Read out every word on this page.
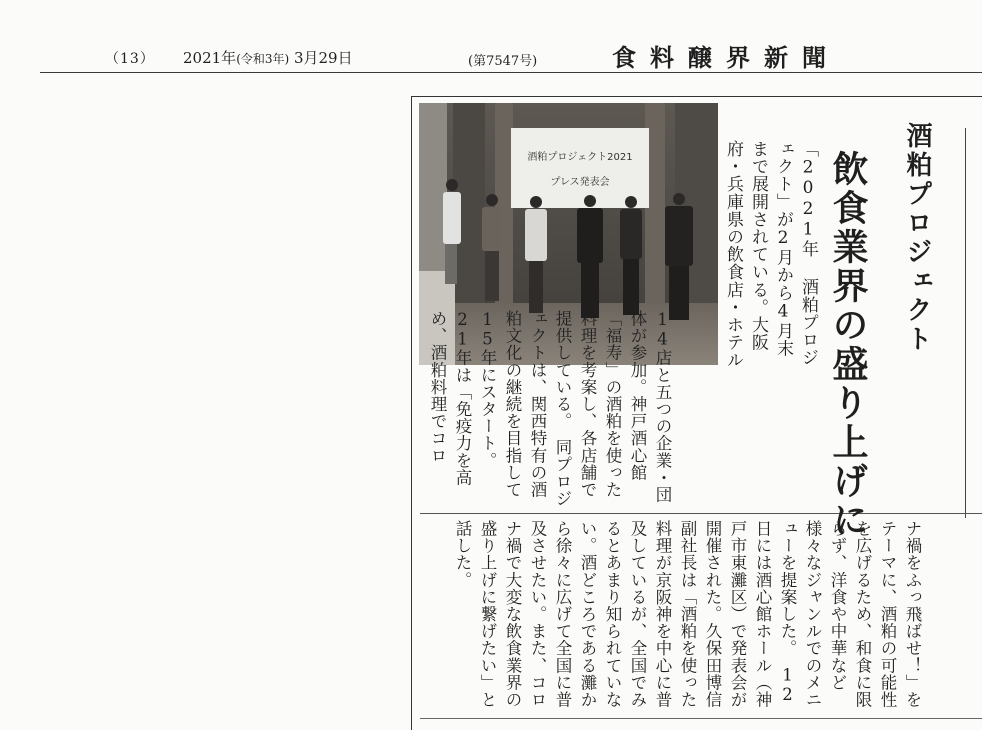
（13） 2021年(令和3年) 3月29日	(第7547号)	食料醸界新聞

酒粕プロジェクト

飲食業界の盛り上げに

酒粕プロジェクト2021
プレス発表会	「2021年 酒粕プロジェクト」が2月から4月末まで展開されている。大阪府・兵庫県の飲食店・ホテル

14店と五つの企業・団体が参加。神戸酒心館「福寿」の酒粕を使った料理を考案し、各店舗で提供している。　同プロジェクトは、関西特有の酒粕文化の継続を目指して15年にスタート。21年は「免疫力を高め、酒粕料理でコロ

ナ禍をふっ飛ばせ！」をテーマに、酒粕の可能性を広げるため、和食に限らず、洋食や中華など様々なジャンルでのメニューを提案した。　12日には酒心館ホール（神戸市東灘区）で発表会が開催された。久保田博信副社長は「酒粕を使った料理が京阪神を中心に普及しているが、全国でみるとあまり知られていない。酒どころである灘から徐々に広げて全国に普及させたい。また、コロナ禍で大変な飲食業界の盛り上げに繋げたい」と話した。
